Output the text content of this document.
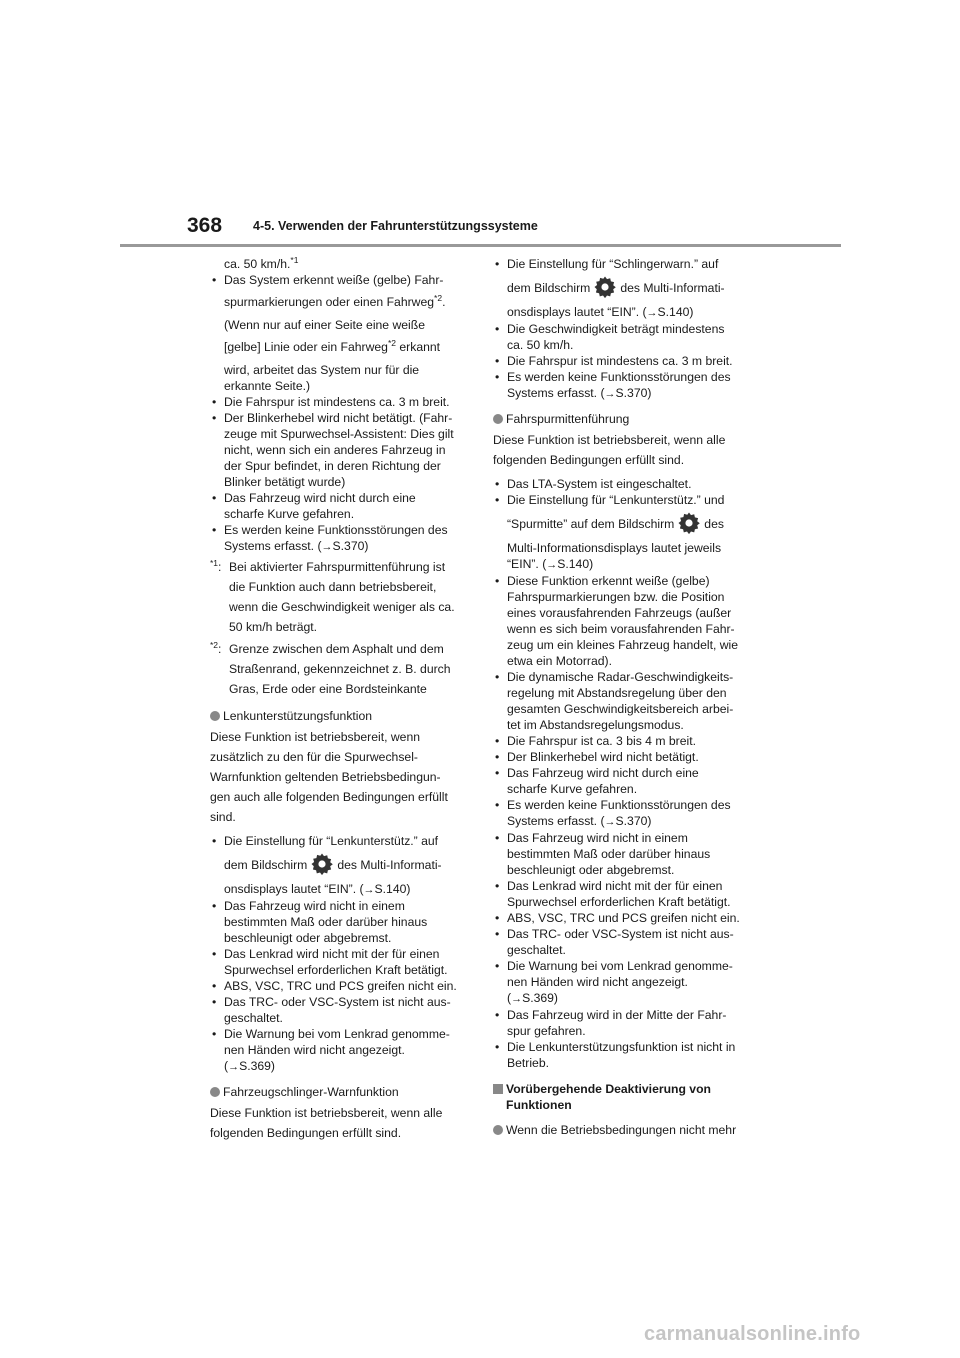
368 4-5. Verwenden der Fahrunterstützungssysteme
ca. 50 km/h.$^{*1}$
• Das System erkennt weiße (gelbe) Fahr-
spurmarkierungen oder einen Fahrweg$^{*2}$.
(Wenn nur auf einer Seite eine weiße
[gelbe] Linie oder ein Fahrweg$^{*2}$ erkannt
wird, arbeitet das System nur für die
erkannte Seite.)
• Die Fahrspur ist mindestens ca. 3 m breit.
• Der Blinkerhebel wird nicht betätigt. (Fahr-
zeuge mit Spurwechsel-Assistent: Dies gilt
nicht, wenn sich ein anderes Fahrzeug in
der Spur befindet, in deren Richtung der
Blinker betätigt wurde)
• Das Fahrzeug wird nicht durch eine
scharfe Kurve gefahren.
• Es werden keine Funktionsstörungen des
Systems erfasst. (→S.370)
$^{*1}$: Bei aktivierter Fahrspurmittenführung ist
die Funktion auch dann betriebsbereit,
wenn die Geschwindigkeit weniger als ca.
50 km/h beträgt.
$^{*2}$: Grenze zwischen dem Asphalt und dem
Straßenrand, gekennzeichnet z. B. durch
Gras, Erde oder eine Bordsteinkante
Lenkunterstützungsfunktion
Diese Funktion ist betriebsbereit, wenn
zusätzlich zu den für die Spurwechsel-
Warnfunktion geltenden Betriebsbedingun-
gen auch alle folgenden Bedingungen erfüllt
sind.
• Die Einstellung für “Lenkunterstütz.” auf
dem Bildschirm des Multi-Informati-
onsdisplays lautet “EIN”. (→S.140)
• Das Fahrzeug wird nicht in einem
bestimmten Maß oder darüber hinaus
beschleunigt oder abgebremst.
• Das Lenkrad wird nicht mit der für einen
Spurwechsel erforderlichen Kraft betätigt.
• ABS, VSC, TRC und PCS greifen nicht ein.
• Das TRC- oder VSC-System ist nicht aus-
geschaltet.
• Die Warnung bei vom Lenkrad genomme-
nen Händen wird nicht angezeigt.
(→S.369)
Fahrzeugschlinger-Warnfunktion
Diese Funktion ist betriebsbereit, wenn alle
folgenden Bedingungen erfüllt sind.
• Die Einstellung für “Schlingerwarn.” auf
dem Bildschirm des Multi-Informati-
onsdisplays lautet “EIN”. (→S.140)
• Die Geschwindigkeit beträgt mindestens
ca. 50 km/h.
• Die Fahrspur ist mindestens ca. 3 m breit.
• Es werden keine Funktionsstörungen des
Systems erfasst. (→S.370)
Fahrspurmittenführung
Diese Funktion ist betriebsbereit, wenn alle
folgenden Bedingungen erfüllt sind.
• Das LTA-System ist eingeschaltet.
• Die Einstellung für “Lenkunterstütz.” und
“Spurmitte” auf dem Bildschirm des
Multi-Informationsdisplays lautet jeweils
“EIN”. (→S.140)
• Diese Funktion erkennt weiße (gelbe)
Fahrspurmarkierungen bzw. die Position
eines vorausfahrenden Fahrzeugs (außer
wenn es sich beim vorausfahrenden Fahr-
zeug um ein kleines Fahrzeug handelt, wie
etwa ein Motorrad).
• Die dynamische Radar-Geschwindigkeits-
regelung mit Abstandsregelung über den
gesamten Geschwindigkeitsbereich arbei-
tet im Abstandsregelungsmodus.
• Die Fahrspur ist ca. 3 bis 4 m breit.
• Der Blinkerhebel wird nicht betätigt.
• Das Fahrzeug wird nicht durch eine
scharfe Kurve gefahren.
• Es werden keine Funktionsstörungen des
Systems erfasst. (→S.370)
• Das Fahrzeug wird nicht in einem
bestimmten Maß oder darüber hinaus
beschleunigt oder abgebremst.
• Das Lenkrad wird nicht mit der für einen
Spurwechsel erforderlichen Kraft betätigt.
• ABS, VSC, TRC und PCS greifen nicht ein.
• Das TRC- oder VSC-System ist nicht aus-
geschaltet.
• Die Warnung bei vom Lenkrad genomme-
nen Händen wird nicht angezeigt.
(→S.369)
• Das Fahrzeug wird in der Mitte der Fahr-
spur gefahren.
• Die Lenkunterstützungsfunktion ist nicht in
Betrieb.
Vorübergehende Deaktivierung von
Funktionen
Wenn die Betriebsbedingungen nicht mehr
carmanualsonline.info
